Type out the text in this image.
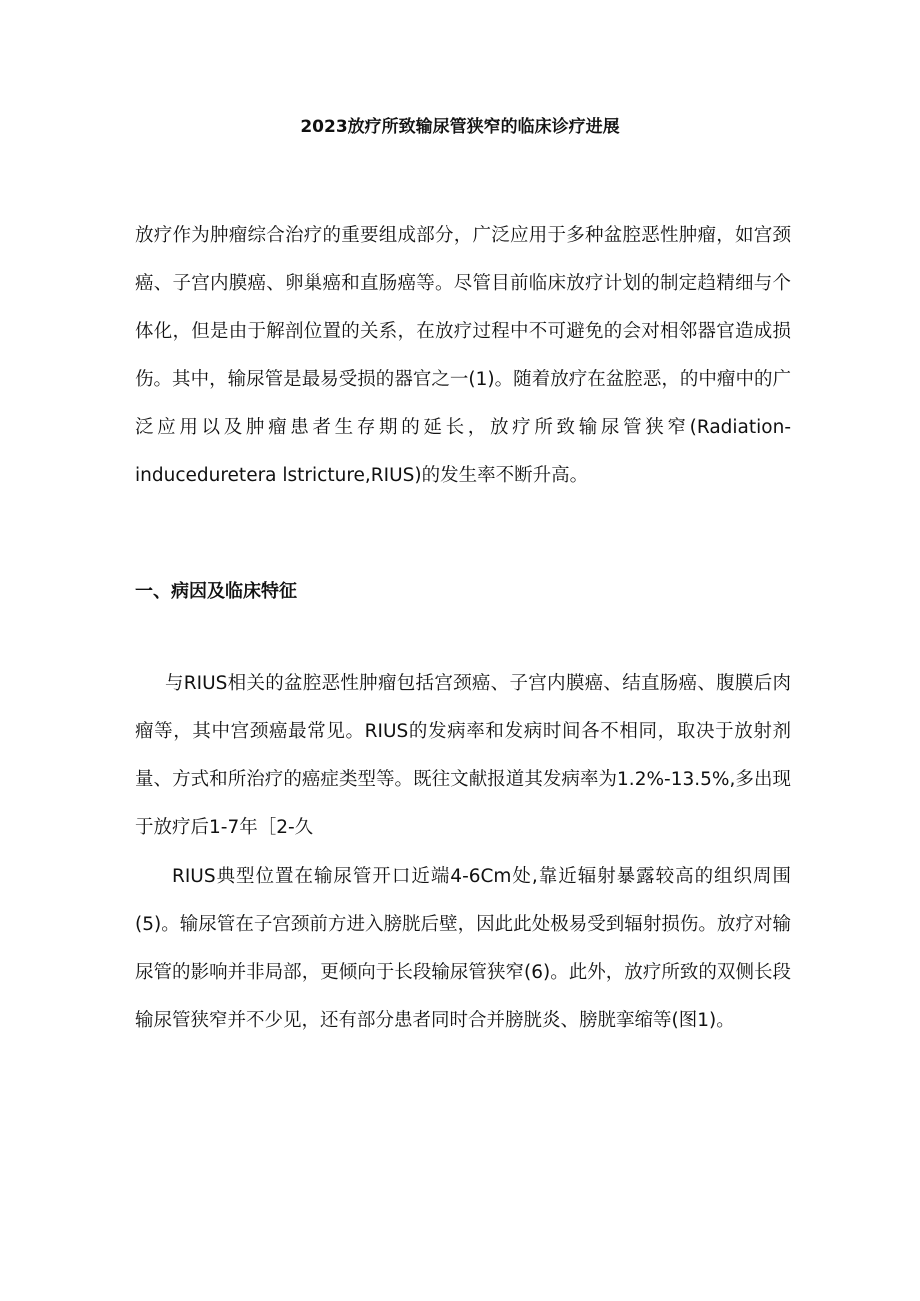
2023放疗所致输尿管狭窄的临床诊疗进展
放疗作为肿瘤综合治疗的重要组成部分，广泛应用于多种盆腔恶性肿瘤，如宫颈
癌、子宫内膜癌、卵巢癌和直肠癌等。尽管目前临床放疗计划的制定趋精细与个
体化，但是由于解剖位置的关系，在放疗过程中不可避免的会对相邻器官造成损
伤。其中，输尿管是最易受损的器官之一(1)。随着放疗在盆腔恶，的中瘤中的广
泛应用以及肿瘤患者生存期的延长，放疗所致输尿管狭窄(Radiation-
induceduretera lstricture,RIUS)的发生率不断升高。
一、病因及临床特征
与RIUS相关的盆腔恶性肿瘤包括宫颈癌、子宫内膜癌、结直肠癌、腹膜后肉
瘤等，其中宫颈癌最常见。RIUS的发病率和发病时间各不相同，取决于放射剂
量、方式和所治疗的癌症类型等。既往文献报道其发病率为1.2%-13.5%,多出现
于放疗后1-7年［2-久
RIUS典型位置在输尿管开口近端4-6Cm处,靠近辐射暴露较高的组织周围
(5)。输尿管在子宫颈前方进入膀胱后壁，因此此处极易受到辐射损伤。放疗对输
尿管的影响并非局部，更倾向于长段输尿管狭窄(6)。此外，放疗所致的双侧长段
输尿管狭窄并不少见，还有部分患者同时合并膀胱炎、膀胱挛缩等(图1)。
